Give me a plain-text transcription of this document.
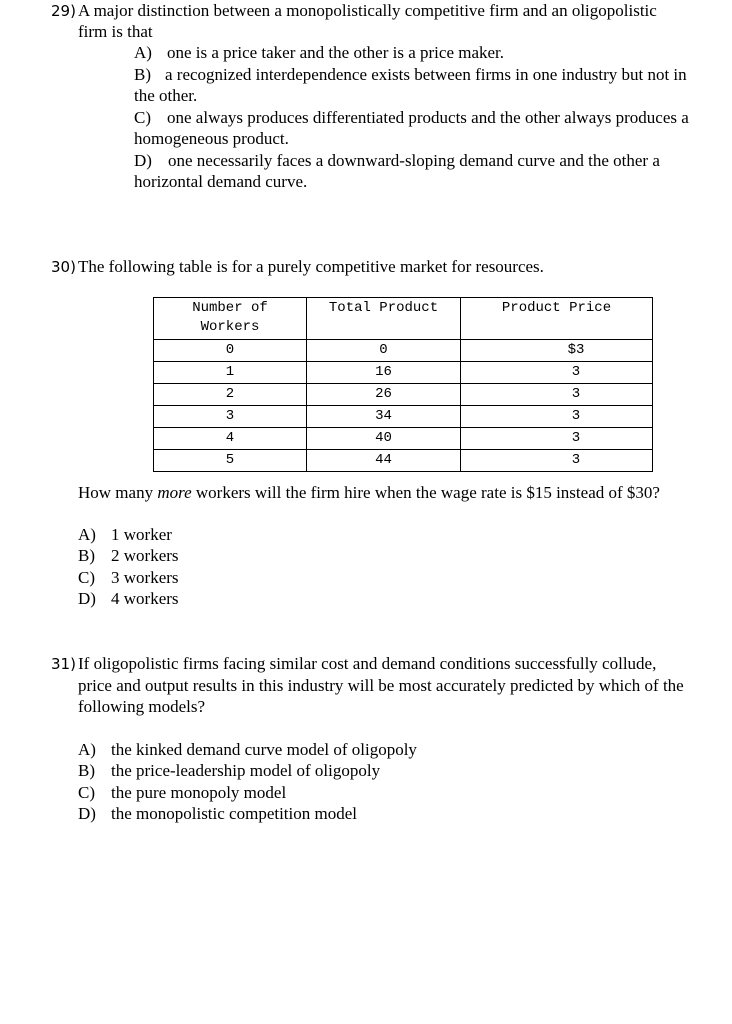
29) A major distinction between a monopolistically competitive firm and an oligopolistic
firm is that
A) one is a price taker and the other is a price maker.
B) a recognized interdependence exists between firms in one industry but not in
the other.
C) one always produces differentiated products and the other always produces a
homogeneous product.
D) one necessarily faces a downward-sloping demand curve and the other a
horizontal demand curve.
30) The following table is for a purely competitive market for resources.
Number of
Workers	Total Product	Product Price
0	0	$3
1	16	3
2	26	3
3	34	3
4	40	3
5	44	3
How many more workers will the firm hire when the wage rate is $15 instead of $30?
A) 1 worker
B) 2 workers
C) 3 workers
D) 4 workers
31) If oligopolistic firms facing similar cost and demand conditions successfully collude,
price and output results in this industry will be most accurately predicted by which of the
following models?
A) the kinked demand curve model of oligopoly
B) the price-leadership model of oligopoly
C) the pure monopoly model
D) the monopolistic competition model
